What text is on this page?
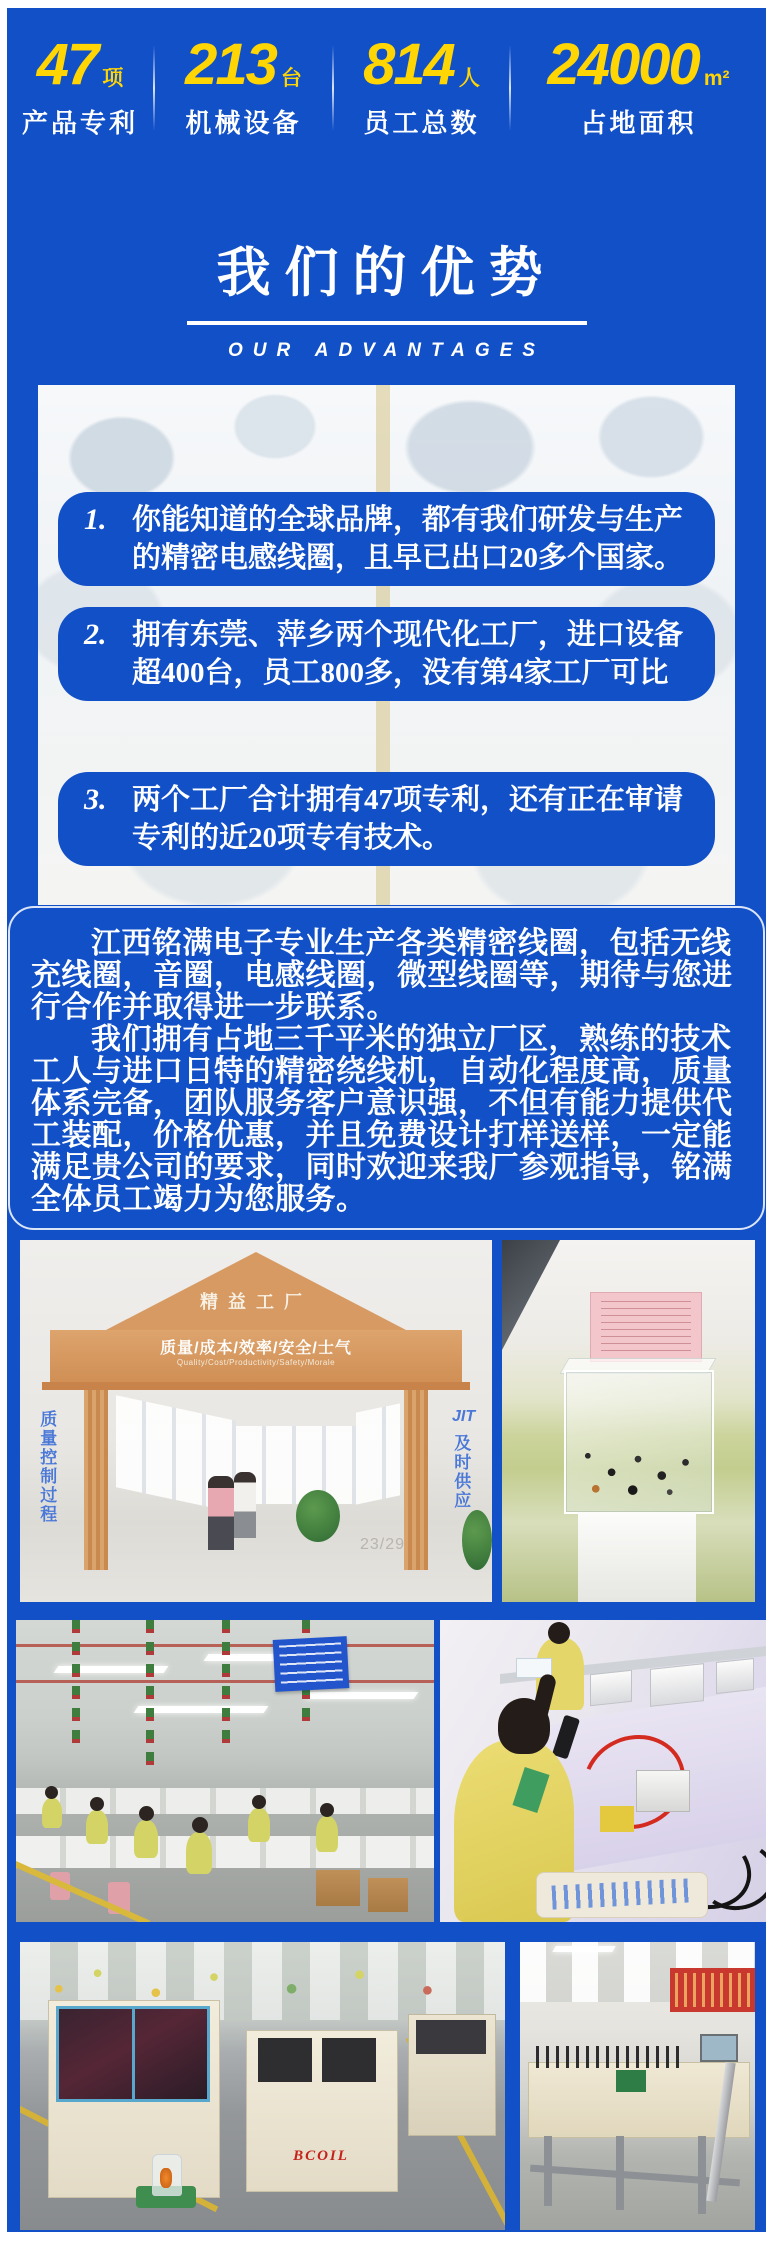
47 项
产品专利
213 台
机械设备
814 人
员工总数
24000 m²
占地面积
我们的优势
OUR ADVANTAGES
1. 你能知道的全球品牌，都有我们研发与生产的精密电感线圈，且早已出口20多个国家。
2. 拥有东莞、萍乡两个现代化工厂，进口设备超400台，员工800多，没有第4家工厂可比
3. 两个工厂合计拥有47项专利，还有正在审请专利的近20项专有技术。

江西铭满电子专业生产各类精密线圈，包括无线充线圈，音圈，电感线圈，微型线圈等，期待与您进行合作并取得进一步联系。

我们拥有占地三千平米的独立厂区，熟练的技术工人与进口日特的精密绕线机，自动化程度高，质量体系完备，团队服务客户意识强，不但有能力提供代工装配，价格优惠，并且免费设计打样送样，一定能满足贵公司的要求，同时欢迎来我厂参观指导，铭满全体员工竭力为您服务。

精益工厂
质量/成本/效率/安全/士气
Quality/Cost/Productivity/Safety/Morale
质量控制过程	JIT
及时供应
23/29
BCOIL
